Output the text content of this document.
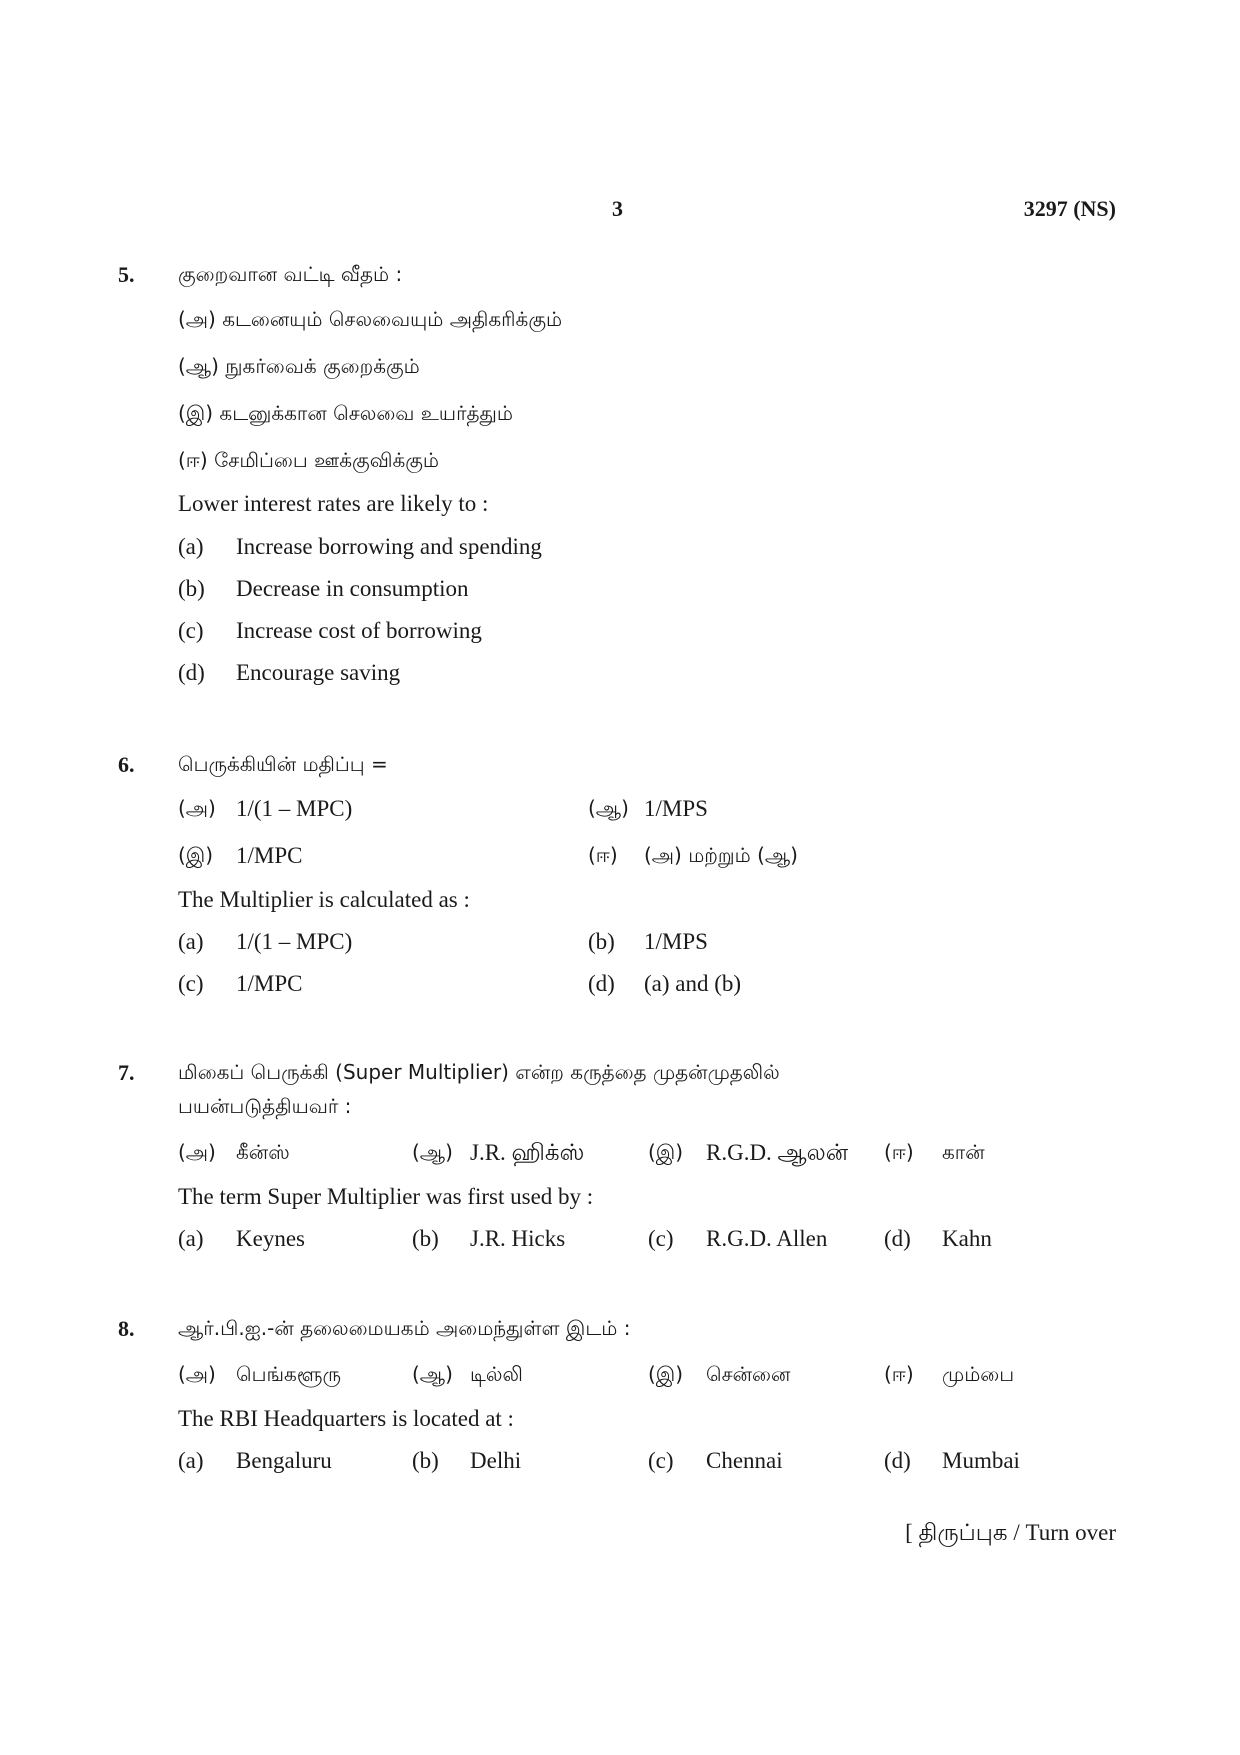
3	3297 (NS)
5. குறைவான வட்டி வீதம் :
(அ) கடனையும் செலவையும் அதிகரிக்கும்
(ஆ) நுகர்வைக் குறைக்கும்
(இ) கடனுக்கான செலவை உயர்த்தும்
(ஈ) சேமிப்பை ஊக்குவிக்கும்
Lower interest rates are likely to :
(a) Increase borrowing and spending
(b) Decrease in consumption
(c) Increase cost of borrowing
(d) Encourage saving
6. பெருக்கியின் மதிப்பு =
(அ) 1/(1 – MPC)	(ஆ) 1/MPS
(இ) 1/MPC	(ஈ) (அ) மற்றும் (ஆ)
The Multiplier is calculated as :
(a) 1/(1 – MPC)	(b) 1/MPS
(c) 1/MPC	(d) (a) and (b)
7. மிகைப் பெருக்கி (Super Multiplier) என்ற கருத்தை முதன்முதலில்
பயன்படுத்தியவர் :
(அ) கீன்ஸ்	(ஆ) J.R. ஹிக்ஸ்	(இ) R.G.D. ஆலன் (ஈ) கான்
The term Super Multiplier was first used by :
(a) Keynes	(b) J.R. Hicks	(c) R.G.D. Allen (d) Kahn
8. ஆர்.பி.ஐ.-ன் தலைமையகம் அமைந்துள்ள இடம் :
(அ) பெங்களூரு	(ஆ) டில்லி	(இ) சென்னை	(ஈ) மும்பை
The RBI Headquarters is located at :
(a) Bengaluru	(b) Delhi	(c) Chennai	(d) Mumbai
[ திருப்புக / Turn over
